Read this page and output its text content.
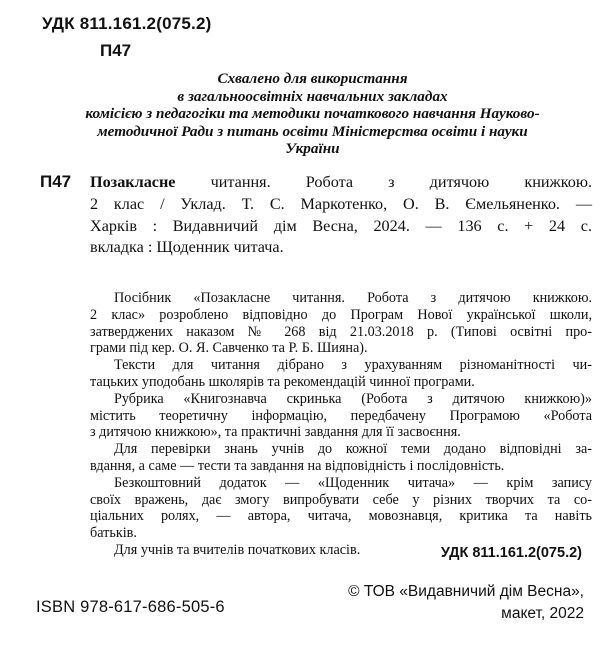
УДК 811.161.2(075.2)
П47
Схвалено для використання
в загальноосвітніх навчальних закладах
комісією з педагогіки та методики початкового навчання Науково-
методичної Ради з питань освіти Міністерства освіти і науки
України
П47 Позакласне читання. Робота з дитячою книжкою.
2 клас / Уклад. Т. С. Маркотенко, О. В. Ємельяненко. —
Харків : Видавничий дім Весна, 2024. — 136 с. + 24 с.
вкладка : Щоденник читача.
Посібник «Позакласне читання. Робота з дитячою книжкою.
2 клас» розроблено відповідно до Програм Нової української школи,
затверджених наказом № 268 від 21.03.2018 р. (Типові освітні про-
грами під кер. О. Я. Савченко та Р. Б. Шияна).
Тексти для читання дібрано з урахуванням різноманітності чи-
тацьких уподобань школярів та рекомендацій чинної програми.
Рубрика «Книгознавча скринька (Робота з дитячою книжкою)»
містить теоретичну інформацію, передбачену Програмою «Робота
з дитячою книжкою», та практичні завдання для її засвоєння.
Для перевірки знань учнів до кожної теми додано відповідні за-
вдання, а саме — тести та завдання на відповідність і послідовність.
Безкоштовний додаток — «Щоденник читача» — крім запису
своїх вражень, дає змогу випробувати себе у різних творчих та со-
ціальних ролях, — автора, читача, мовознавця, критика та навіть
батьків.
Для учнів та вчителів початкових класів.	УДК 811.161.2(075.2)
© ТОВ «Видавничий дім Весна»,
макет, 2022
ISBN 978-617-686-505-6
